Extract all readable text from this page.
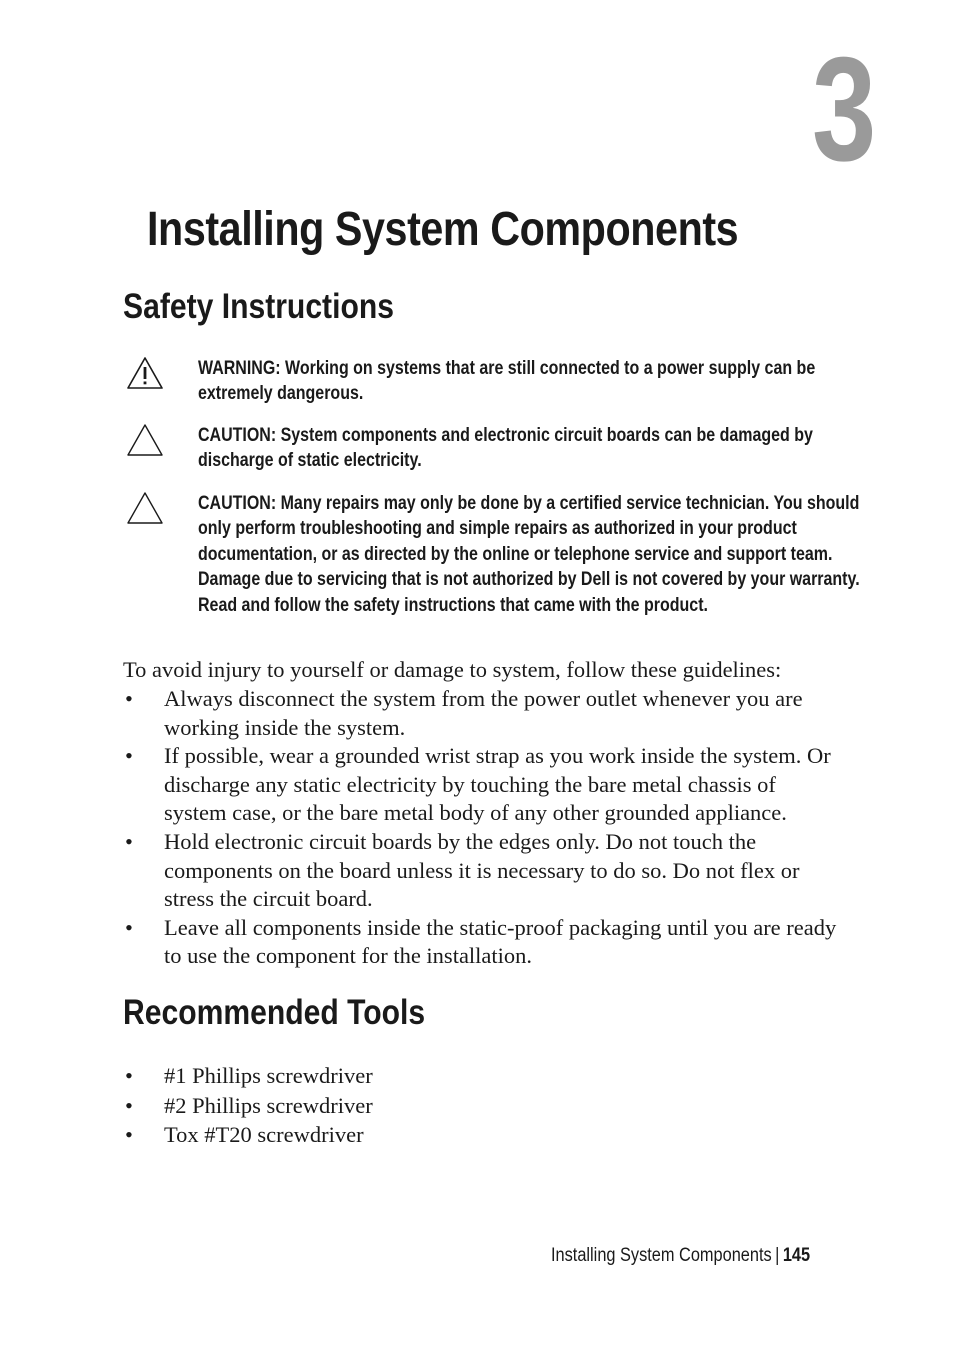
3
Installing System Components
Safety Instructions
WARNING: Working on systems that are still connected to a power supply can be extremely dangerous.
CAUTION: System components and electronic circuit boards can be damaged by discharge of static electricity.
CAUTION: Many repairs may only be done by a certified service technician. You should only perform troubleshooting and simple repairs as authorized in your product documentation, or as directed by the online or telephone service and support team. Damage due to servicing that is not authorized by Dell is not covered by your warranty. Read and follow the safety instructions that came with the product.
To avoid injury to yourself or damage to system, follow these guidelines:
• Always disconnect the system from the power outlet whenever you are working inside the system.
• If possible, wear a grounded wrist strap as you work inside the system. Or discharge any static electricity by touching the bare metal chassis of system case, or the bare metal body of any other grounded appliance.
• Hold electronic circuit boards by the edges only. Do not touch the components on the board unless it is necessary to do so. Do not flex or stress the circuit board.
• Leave all components inside the static-proof packaging until you are ready to use the component for the installation.
Recommended Tools
• #1 Phillips screwdriver
• #2 Phillips screwdriver
• Tox #T20 screwdriver
Installing System Components | 145
